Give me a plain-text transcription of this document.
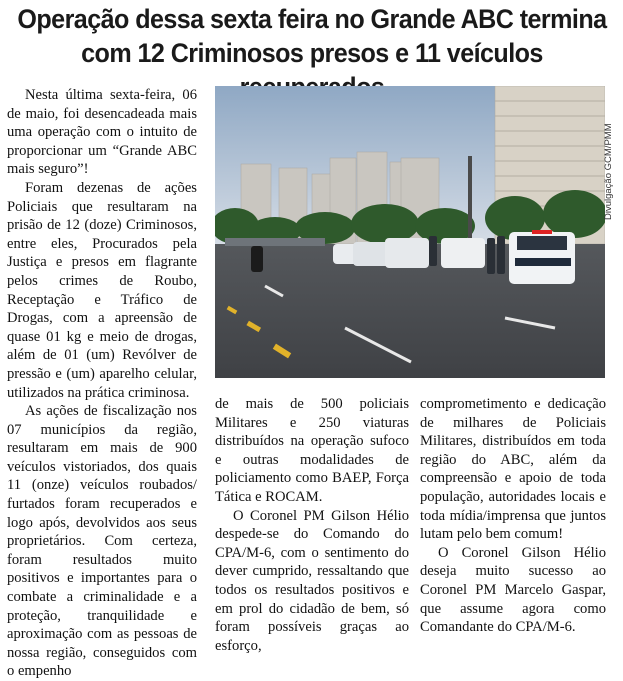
Operação dessa sexta feira no Grande ABC termina
com 12 Criminosos presos e 11 veículos

Nesta última sexta-feira, 06 de maio, foi desencadeada mais uma operação com o intuito de proporcionar um “Grande ABC mais seguro”!

Foram dezenas de ações Policiais que resultaram na prisão de 12 (doze) Criminosos, entre eles, Procurados pela Justiça e presos em flagrante pelos crimes de Roubo, Receptação e Tráfico de Drogas, com a apreensão de quase 01 kg e meio de drogas, além de 01 (um) Revólver de pressão e (um) aparelho celular, utilizados na prática criminosa.

As ações de fiscalização nos 07 municípios da região, resultaram em mais de 900 veículos vistoriados, dos quais 11 (onze) veículos roubados/ furtados foram recuperados e logo após, devolvidos aos seus proprietários. Com certeza, foram resultados muito positivos e importantes para o combate a criminalidade e a proteção, tranquilidade e aproximação com as pessoas de nossa região, conseguidos com o empenho

Divulgação GCM/PMM

de mais de 500 policiais Militares e 250 viaturas distribuídos na operação sufoco e outras modalidades de policiamento como BAEP, Força Tática e ROCAM.

O Coronel PM Gilson Hélio despede-se do Comando do CPA/M-6, com o sentimento do dever cumprido, ressaltando que todos os resultados positivos e em prol do cidadão de bem, só foram possíveis graças ao esforço,

comprometimento e dedicação de milhares de Policiais Militares, distribuídos em toda região do ABC, além da compreensão e apoio de toda população, autoridades locais e toda mídia/imprensa que juntos lutam pelo bem comum!

O Coronel Gilson Hélio deseja muito sucesso ao Coronel PM Marcelo Gaspar, que assume agora como Comandante do CPA/M-6.
